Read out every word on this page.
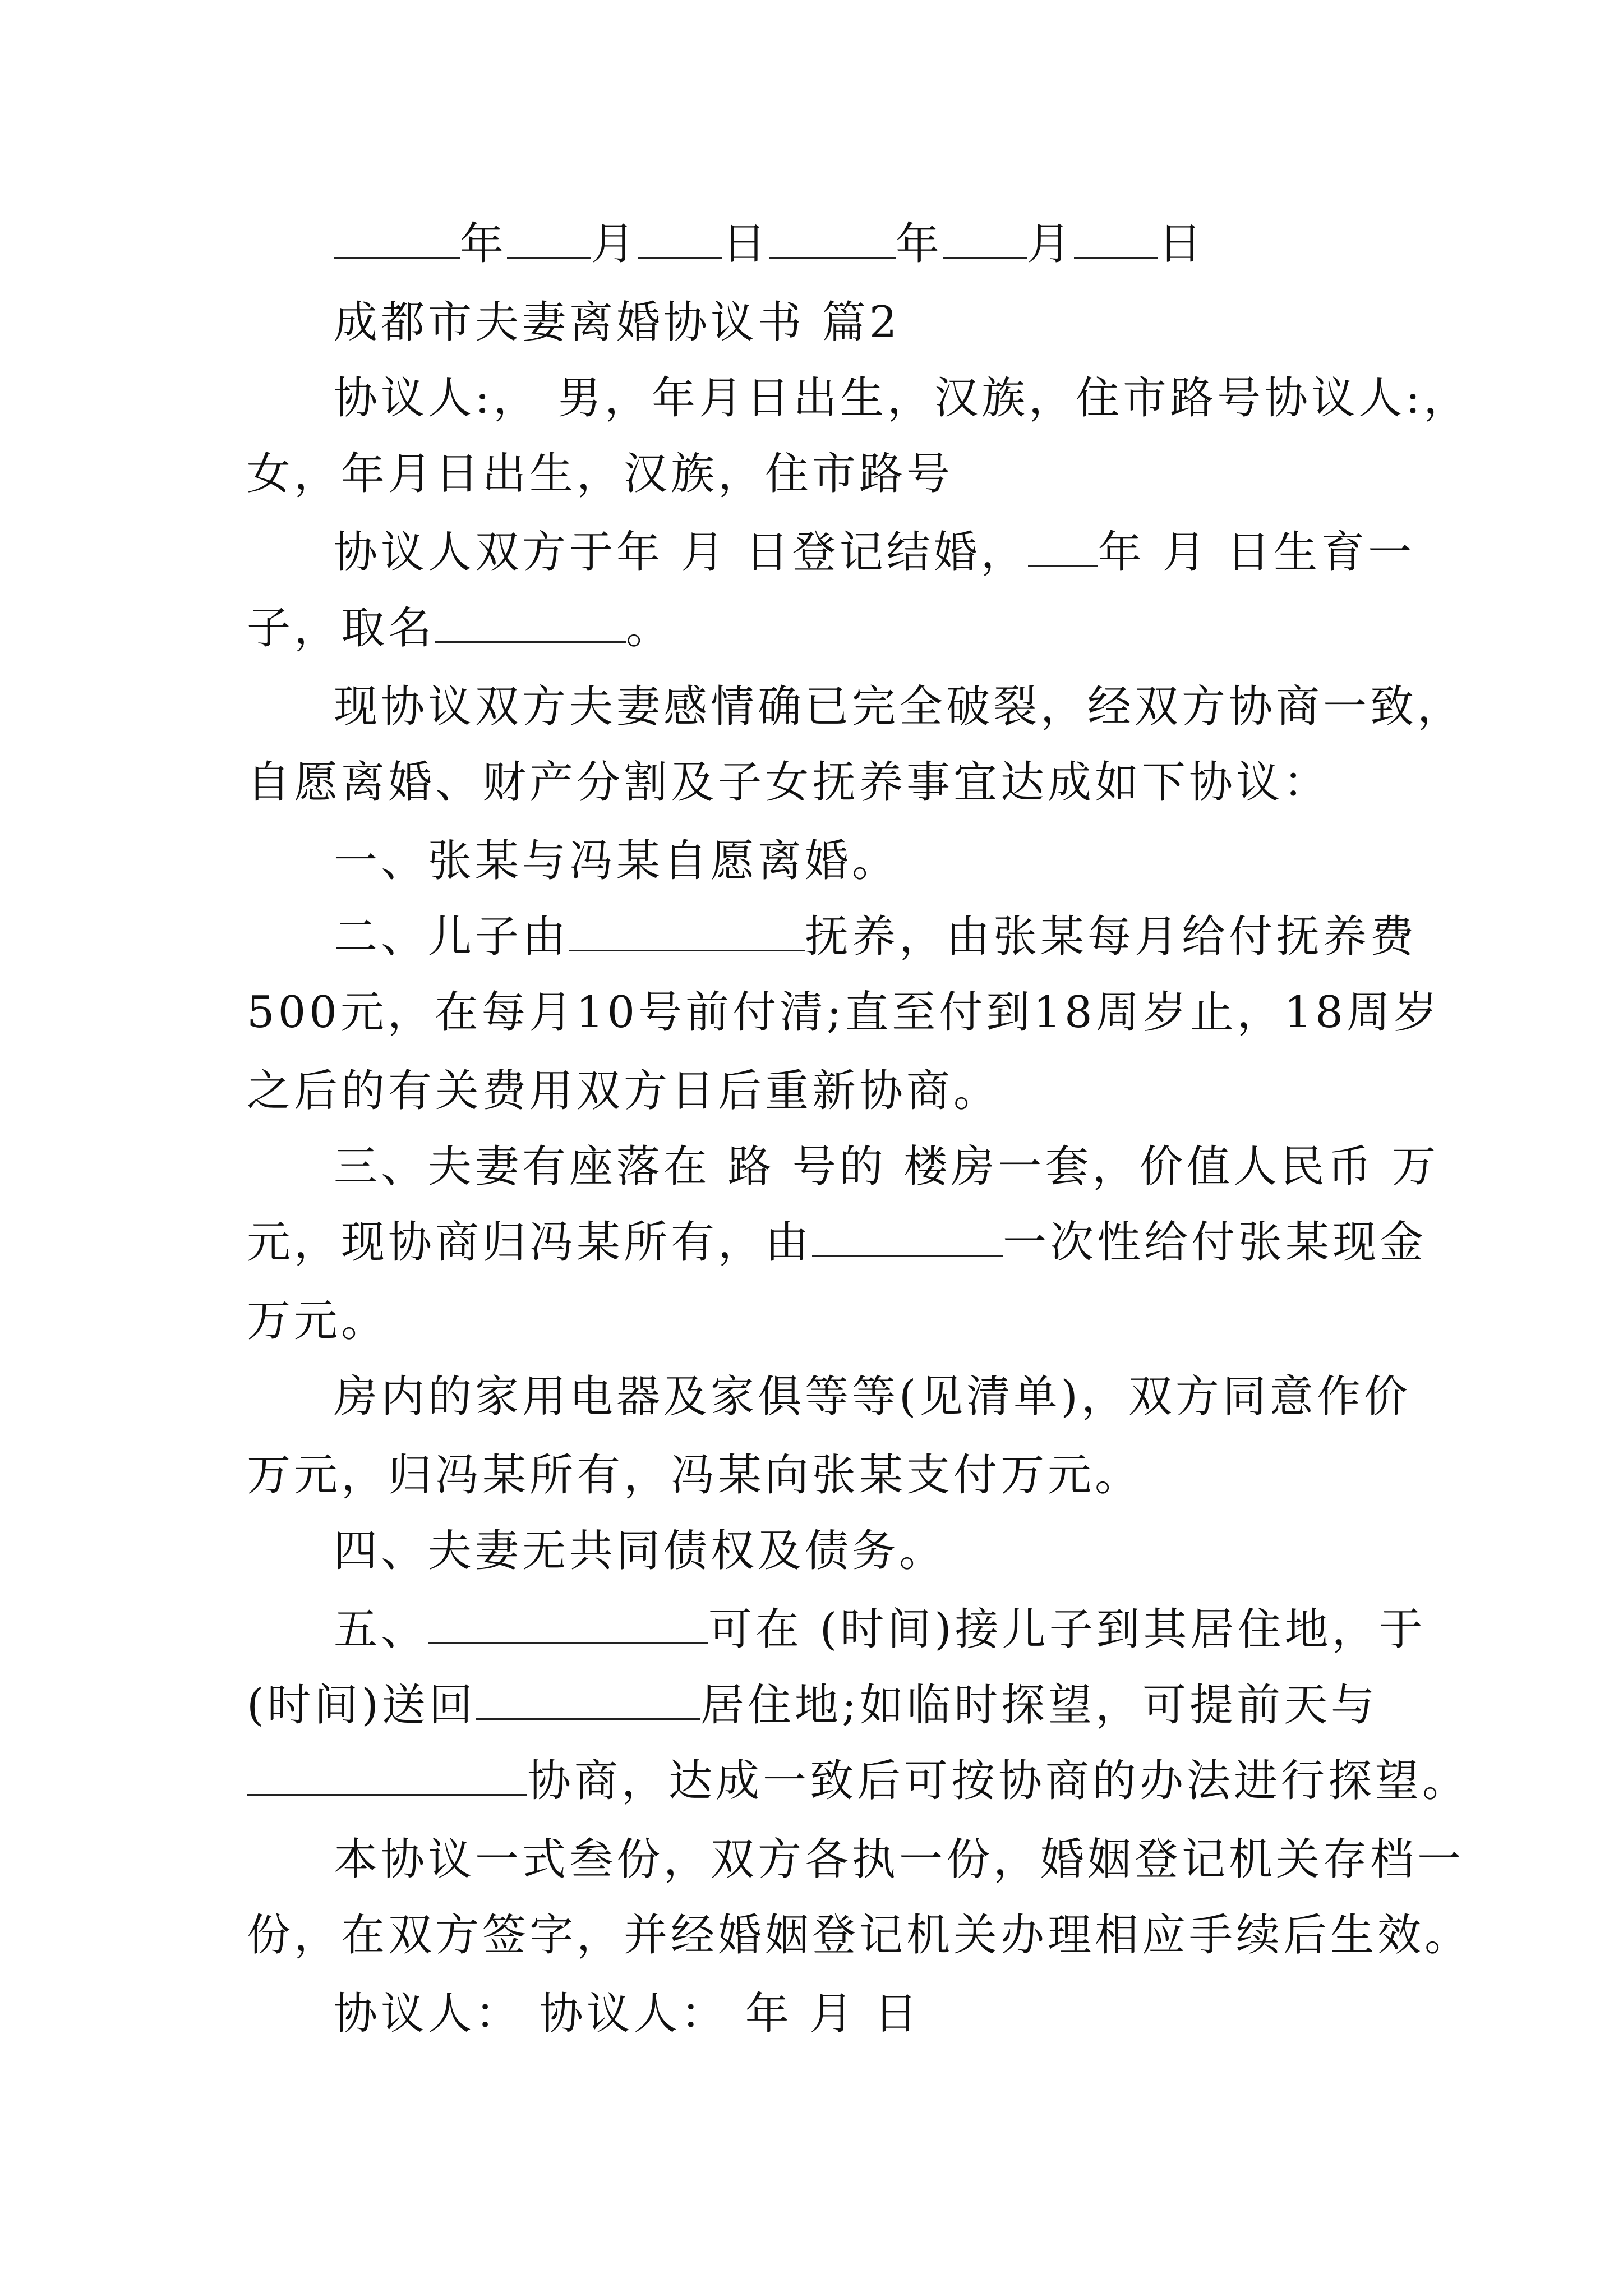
年 月 日	年 月 日
成都市夫妻离婚协议书 篇2
协议人:， 男，年月日出生，汉族，住市路号协议人:，
女，年月日出生，汉族，住市路号
协议人双方于年 月 日登记结婚， 年 月 日生育一
子，取名	。
现协议双方夫妻感情确已完全破裂，经双方协商一致，
自愿离婚、财产分割及子女抚养事宜达成如下协议：
一、张某与冯某自愿离婚。
二、儿子由	抚养，由张某每月给付抚养费
500元，在每月10号前付清;直至付到18周岁止，18周岁
之后的有关费用双方日后重新协商。
三、夫妻有座落在 路 号的 楼房一套，价值人民币 万
元，现协商归冯某所有，由	一次性给付张某现金
万元。
房内的家用电器及家俱等等(见清单)，双方同意作价
万元，归冯某所有，冯某向张某支付万元。
四、夫妻无共同债权及债务。
五、	可在 (时间)接儿子到其居住地，于
(时间)送回	居住地;如临时探望，可提前天与
协商，达成一致后可按协商的办法进行探望。
本协议一式叁份，双方各执一份，婚姻登记机关存档一
份，在双方签字，并经婚姻登记机关办理相应手续后生效。
协议人： 协议人： 年 月 日
